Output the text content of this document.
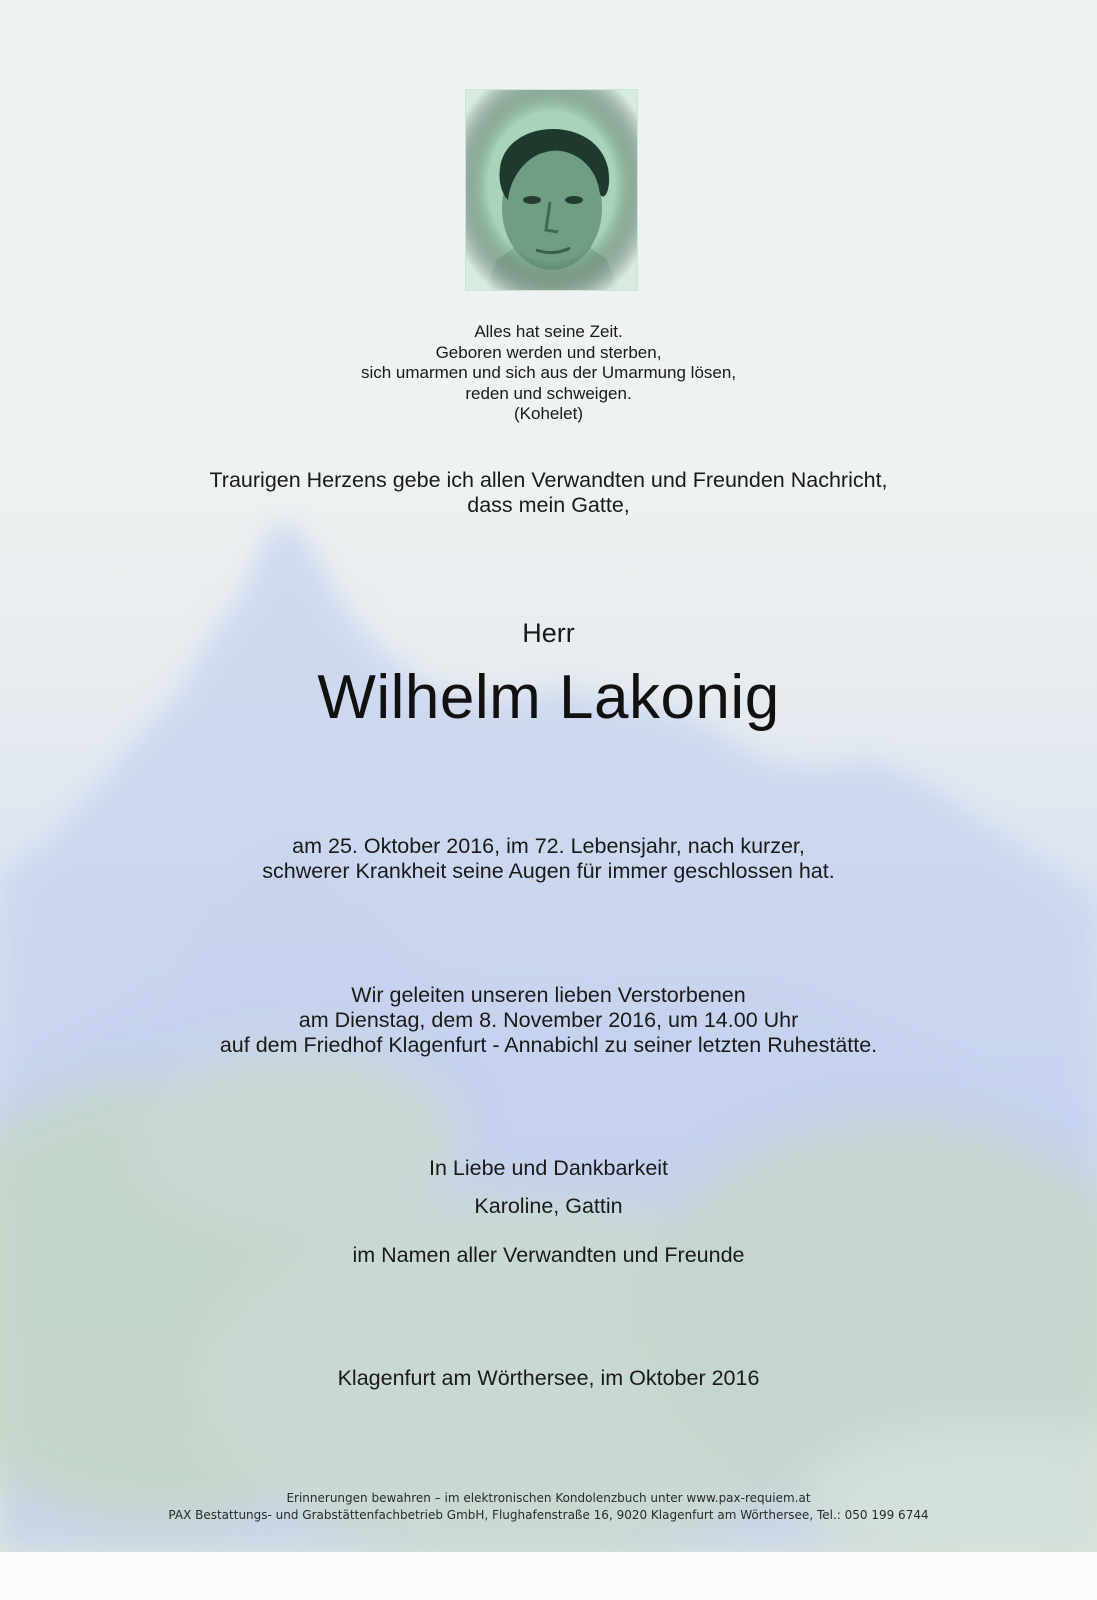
Alles hat seine Zeit.
Geboren werden und sterben,
sich umarmen und sich aus der Umarmung lösen,
reden und schweigen.
(Kohelet)
Traurigen Herzens gebe ich allen Verwandten und Freunden Nachricht,
dass mein Gatte,
Herr
Wilhelm Lakonig
am 25. Oktober 2016, im 72. Lebensjahr, nach kurzer,
schwerer Krankheit seine Augen für immer geschlossen hat.
Wir geleiten unseren lieben Verstorbenen
am Dienstag, dem 8. November 2016, um 14.00 Uhr
auf dem Friedhof Klagenfurt - Annabichl zu seiner letzten Ruhestätte.
In Liebe und Dankbarkeit
Karoline, Gattin
im Namen aller Verwandten und Freunde
Klagenfurt am Wörthersee, im Oktober 2016
Erinnerungen bewahren – im elektronischen Kondolenzbuch unter www.pax-requiem.at
PAX Bestattungs- und Grabstättenfachbetrieb GmbH, Flughafenstraße 16, 9020 Klagenfurt am Wörthersee, Tel.: 050 199 6744
